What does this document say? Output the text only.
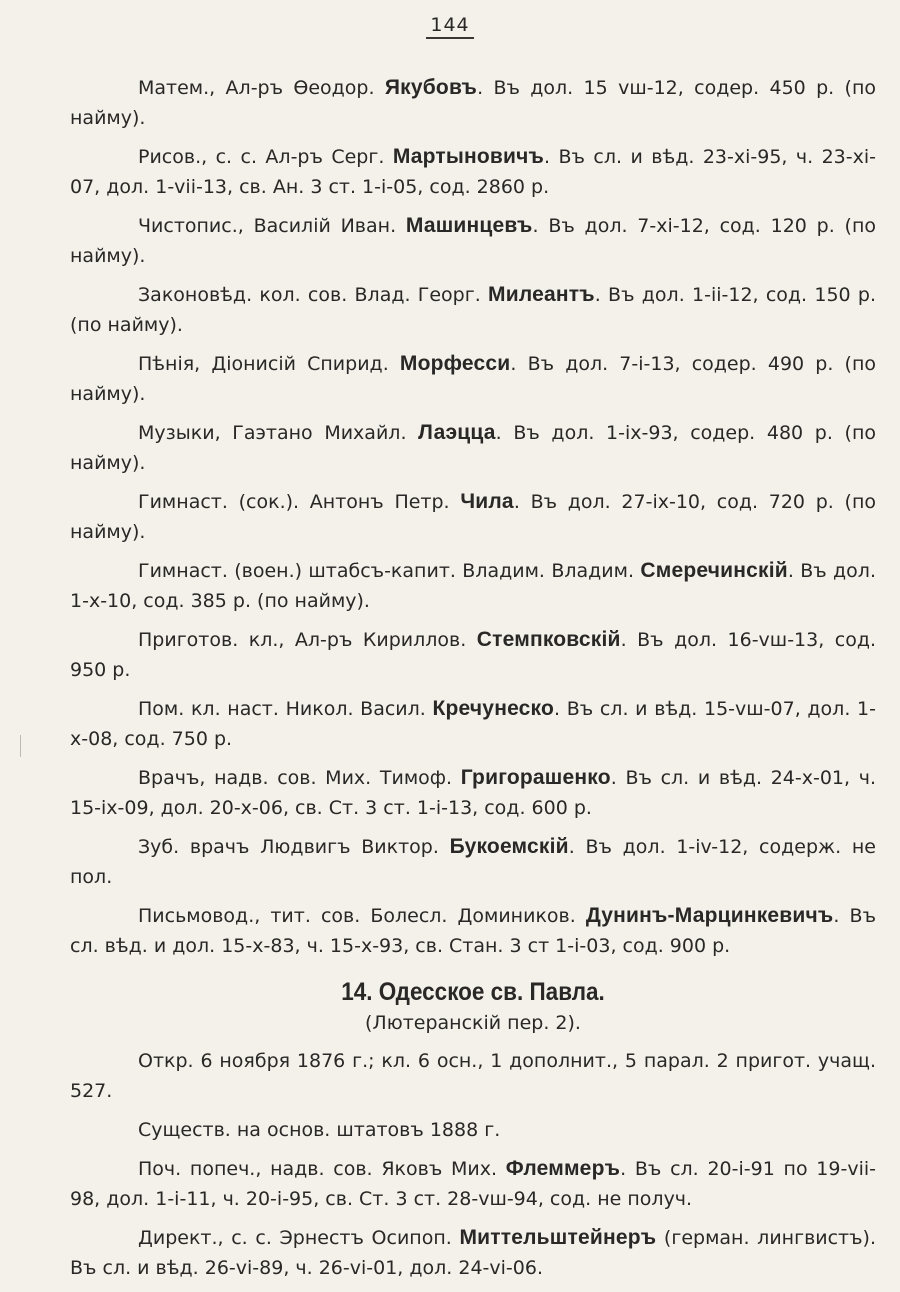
144

Матем., Ал-ръ Өеодор. Якубовъ. Въ дол. 15 vш-12, содер. 450 р. (по найму).

Рисов., с. с. Ал-ръ Серг. Мартыновичъ. Въ сл. и вѣд. 23-xi-95, ч. 23-xi-07, дол. 1-vii-13, св. Ан. 3 ст. 1-i-05, сод. 2860 р.

Чистопис., Василій Иван. Машинцевъ. Въ дол. 7-xi-12, сод. 120 р. (по найму).

Законовѣд. кол. сов. Влад. Георг. Милеантъ. Въ дол. 1-ii-12, сод. 150 р. (по найму).

Пѣнія, Діонисій Спирид. Морфесси. Въ дол. 7-i-13, содер. 490 р. (по найму).

Музыки, Гаэтано Михайл. Лаэцца. Въ дол. 1-ix-93, содер. 480 р. (по найму).

Гимнаст. (сок.). Антонъ Петр. Чила. Въ дол. 27-ix-10, сод. 720 р. (по найму).

Гимнаст. (воен.) штабсъ-капит. Владим. Владим. Смеречинскій. Въ дол. 1-x-10, сод. 385 р. (по найму).

Приготов. кл., Ал-ръ Кириллов. Стемпковскій. Въ дол. 16-vш-13, сод. 950 р.

Пом. кл. наст. Никол. Васил. Кречунеско. Въ сл. и вѣд. 15-vш-07, дол. 1-x-08, сод. 750 р.

Врачъ, надв. сов. Мих. Тимоф. Григорашенко. Въ сл. и вѣд. 24-x-01, ч. 15-ix-09, дол. 20-x-06, св. Ст. 3 ст. 1-i-13, сод. 600 р.

Зуб. врачъ Людвигъ Виктор. Букоемскій. Въ дол. 1-iv-12, содерж. не пол.

Письмовод., тит. сов. Болесл. Домиников. Дунинъ-Марцинкевичъ. Въ сл. вѣд. и дол. 15-x-83, ч. 15-x-93, св. Стан. 3 ст 1-i-03, сод. 900 р.

14. Одесское св. Павла.
(Лютеранскій пер. 2).

Откр. 6 ноября 1876 г.; кл. 6 осн., 1 дополнит., 5 парал. 2 пригот. учащ. 527.

Существ. на основ. штатовъ 1888 г.

Поч. попеч., надв. сов. Яковъ Мих. Флеммеръ. Въ сл. 20-i-91 по 19-vii-98, дол. 1-i-11, ч. 20-i-95, св. Ст. 3 ст. 28-vш-94, сод. не получ.

Директ., с. с. Эрнестъ Осипоп. Миттельштейнеръ (герман. лингвистъ). Въ сл. и вѣд. 26-vi-89, ч. 26-vi-01, дол. 24-vi-06.
